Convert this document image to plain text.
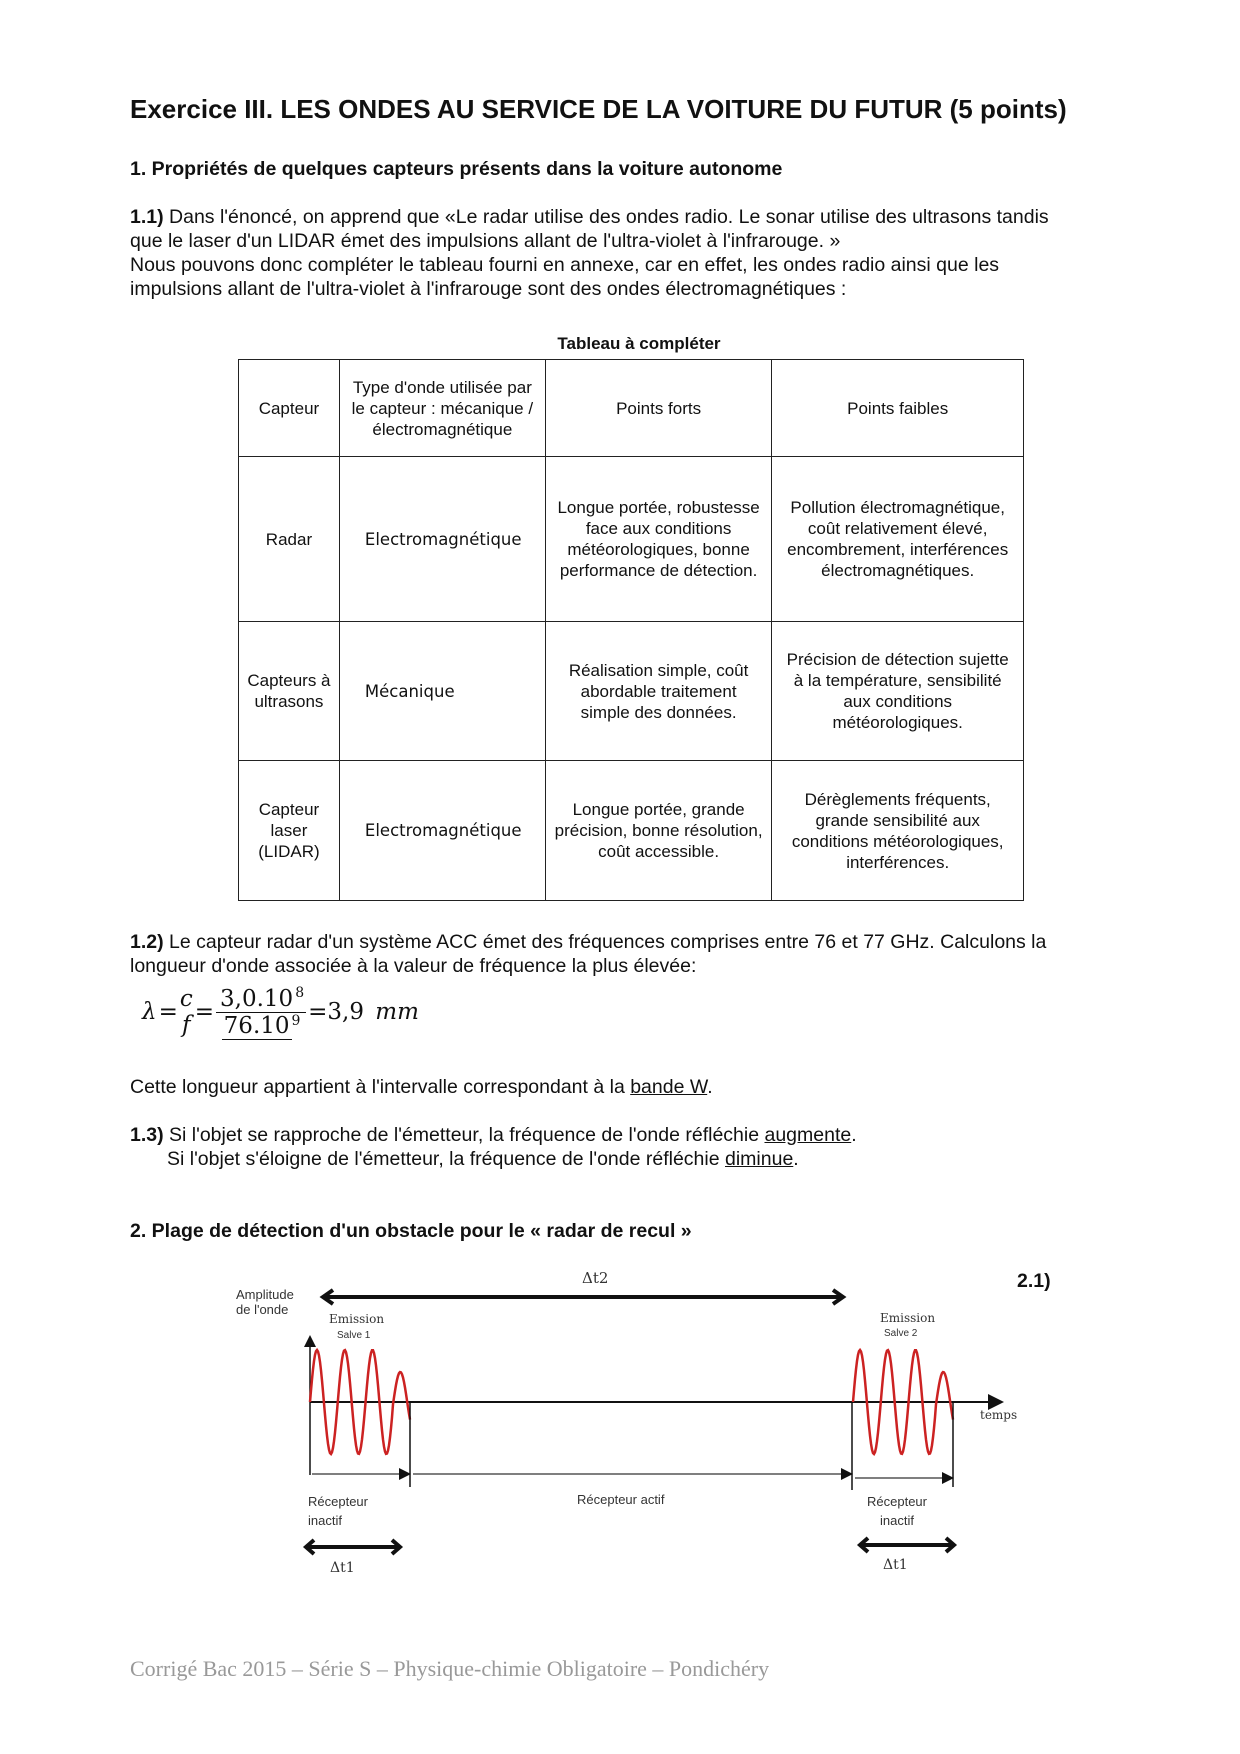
Exercice III. LES ONDES AU SERVICE DE LA VOITURE DU FUTUR (5 points)
1. Propriétés de quelques capteurs présents dans la voiture autonome
1.1) Dans l'énoncé, on apprend que «Le radar utilise des ondes radio. Le sonar utilise des ultrasons tandis
que le laser d'un LIDAR émet des impulsions allant de l'ultra-violet à l'infrarouge. »
Nous pouvons donc compléter le tableau fourni en annexe, car en effet, les ondes radio ainsi que les
impulsions allant de l'ultra-violet à l'infrarouge sont des ondes électromagnétiques :
Tableau à compléter
Capteur	Type d'onde utilisée par le capteur : mécanique / électromagnétique	Points forts	Points faibles
Radar	Electromagnétique	Longue portée, robustesse face aux conditions météorologiques, bonne performance de détection.	Pollution électromagnétique, coût relativement élevé, encombrement, interférences électromagnétiques.
Capteurs à ultrasons	Mécanique	Réalisation simple, coût abordable traitement simple des données.	Précision de détection sujette à la température, sensibilité aux conditions météorologiques.
Capteur laser (LIDAR)	Electromagnétique	Longue portée, grande précision, bonne résolution, coût accessible.	Dérèglements fréquents, grande sensibilité aux conditions météorologiques, interférences.
1.2) Le capteur radar d'un système ACC émet des fréquences comprises entre 76 et 77 GHz. Calculons la
longueur d'onde associée à la valeur de fréquence la plus élevée:
λ = c
$f = \frac{3,0.10 ^8}{76.10 ^9} =3,9$
mm
Cette longueur appartient à l'intervalle correspondant à la bande W.
1.3) Si l'objet se rapproche de l'émetteur, la fréquence de l'onde réfléchie augmente.
Si l'objet s'éloigne de l'émetteur, la fréquence de l'onde réfléchie diminue.
2. Plage de détection d'un obstacle pour le « radar de recul »
Amplitude
de l'onde
Δt2	2.1)
Emission
Salve 1
Emission
Salve 2
temps
Récepteur
inactif
Récepteur actif	Récepteur
inactif
Δt1	Δt1
Corrigé Bac 2015 – Série S – Physique-chimie Obligatoire – Pondichéry
